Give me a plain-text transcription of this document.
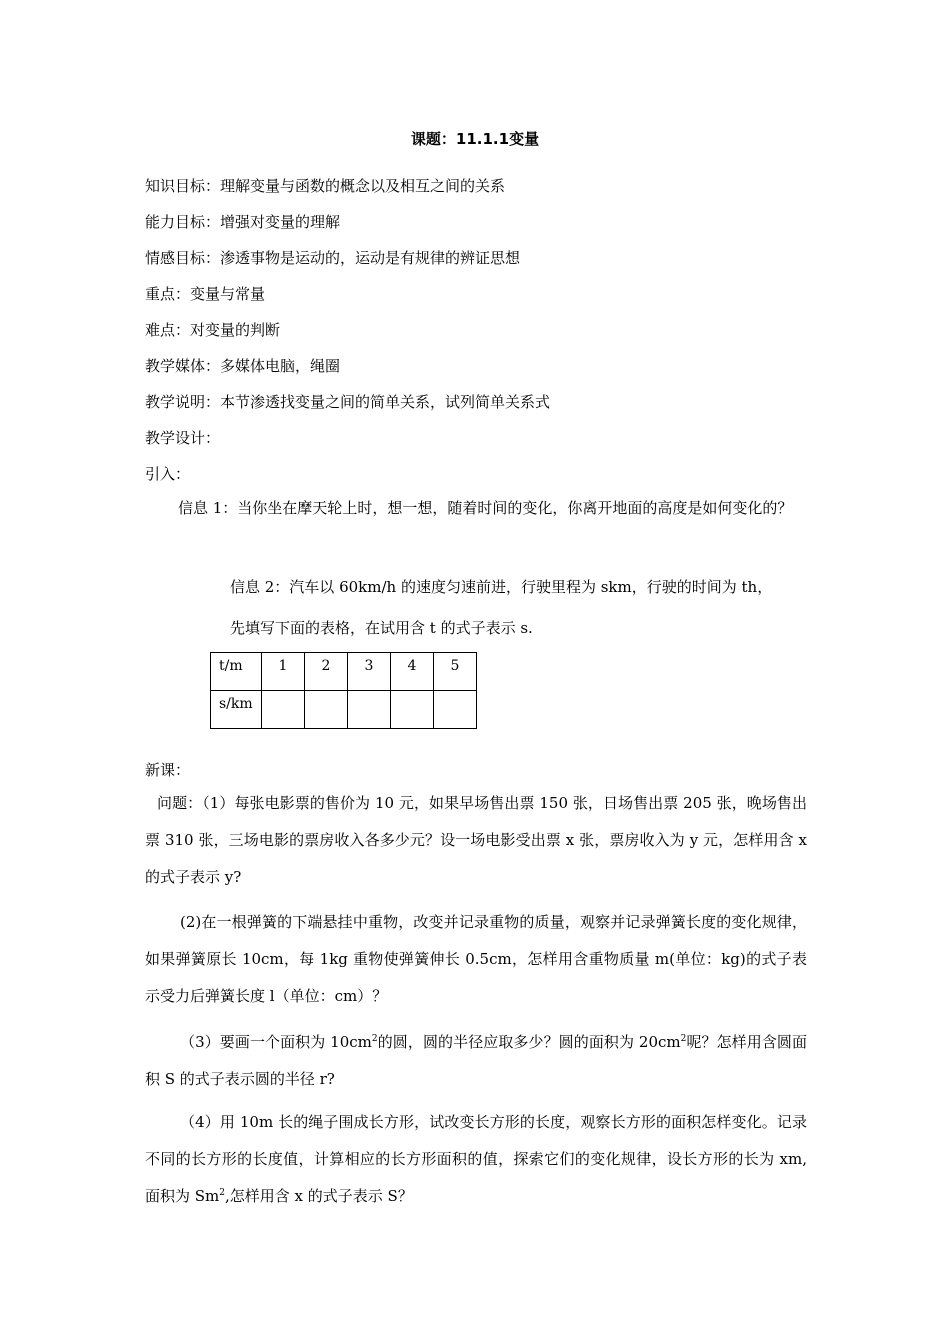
课题：11.1.1变量
知识目标：理解变量与函数的概念以及相互之间的关系
能力目标：增强对变量的理解
情感目标：渗透事物是运动的，运动是有规律的辨证思想
重点：变量与常量
难点：对变量的判断
教学媒体：多媒体电脑，绳圈
教学说明：本节渗透找变量之间的简单关系，试列简单关系式
教学设计：
引入：
信息 1：当你坐在摩天轮上时，想一想，随着时间的变化，你离开地面的高度是如何变化的？
信息 2：汽车以 60km/h 的速度匀速前进，行驶里程为 skm，行驶的时间为 th，
先填写下面的表格，在试用含 t 的式子表示 s.
t/m	1	2	3	4	5

s/km					

新课：
问题：（1）每张电影票的售价为 10 元，如果早场售出票 150 张，日场售出票 205 张，晚场售出票 310 张，三场电影的票房收入各多少元？设一场电影受出票 x 张，票房收入为 y 元，怎样用含 x 的式子表示 y?
(2)在一根弹簧的下端悬挂中重物，改变并记录重物的质量，观察并记录弹簧长度的变化规律，如果弹簧原长 10cm，每 1kg 重物使弹簧伸长 0.5cm，怎样用含重物质量 m(单位：kg)的式子表示受力后弹簧长度 l（单位：cm）？
（3）要画一个面积为 $10cm^2$的圆，圆的半径应取多少？圆的面积为 $20cm^2$呢？怎样用含圆面积 S 的式子表示圆的半径 r?
（4）用 10m 长的绳子围成长方形，试改变长方形的长度，观察长方形的面积怎样变化。记录不同的长方形的长度值，计算相应的长方形面积的值，探索它们的变化规律，设长方形的长为 xm,面积为 Sm$^2$,怎样用含 x 的式子表示 S？
